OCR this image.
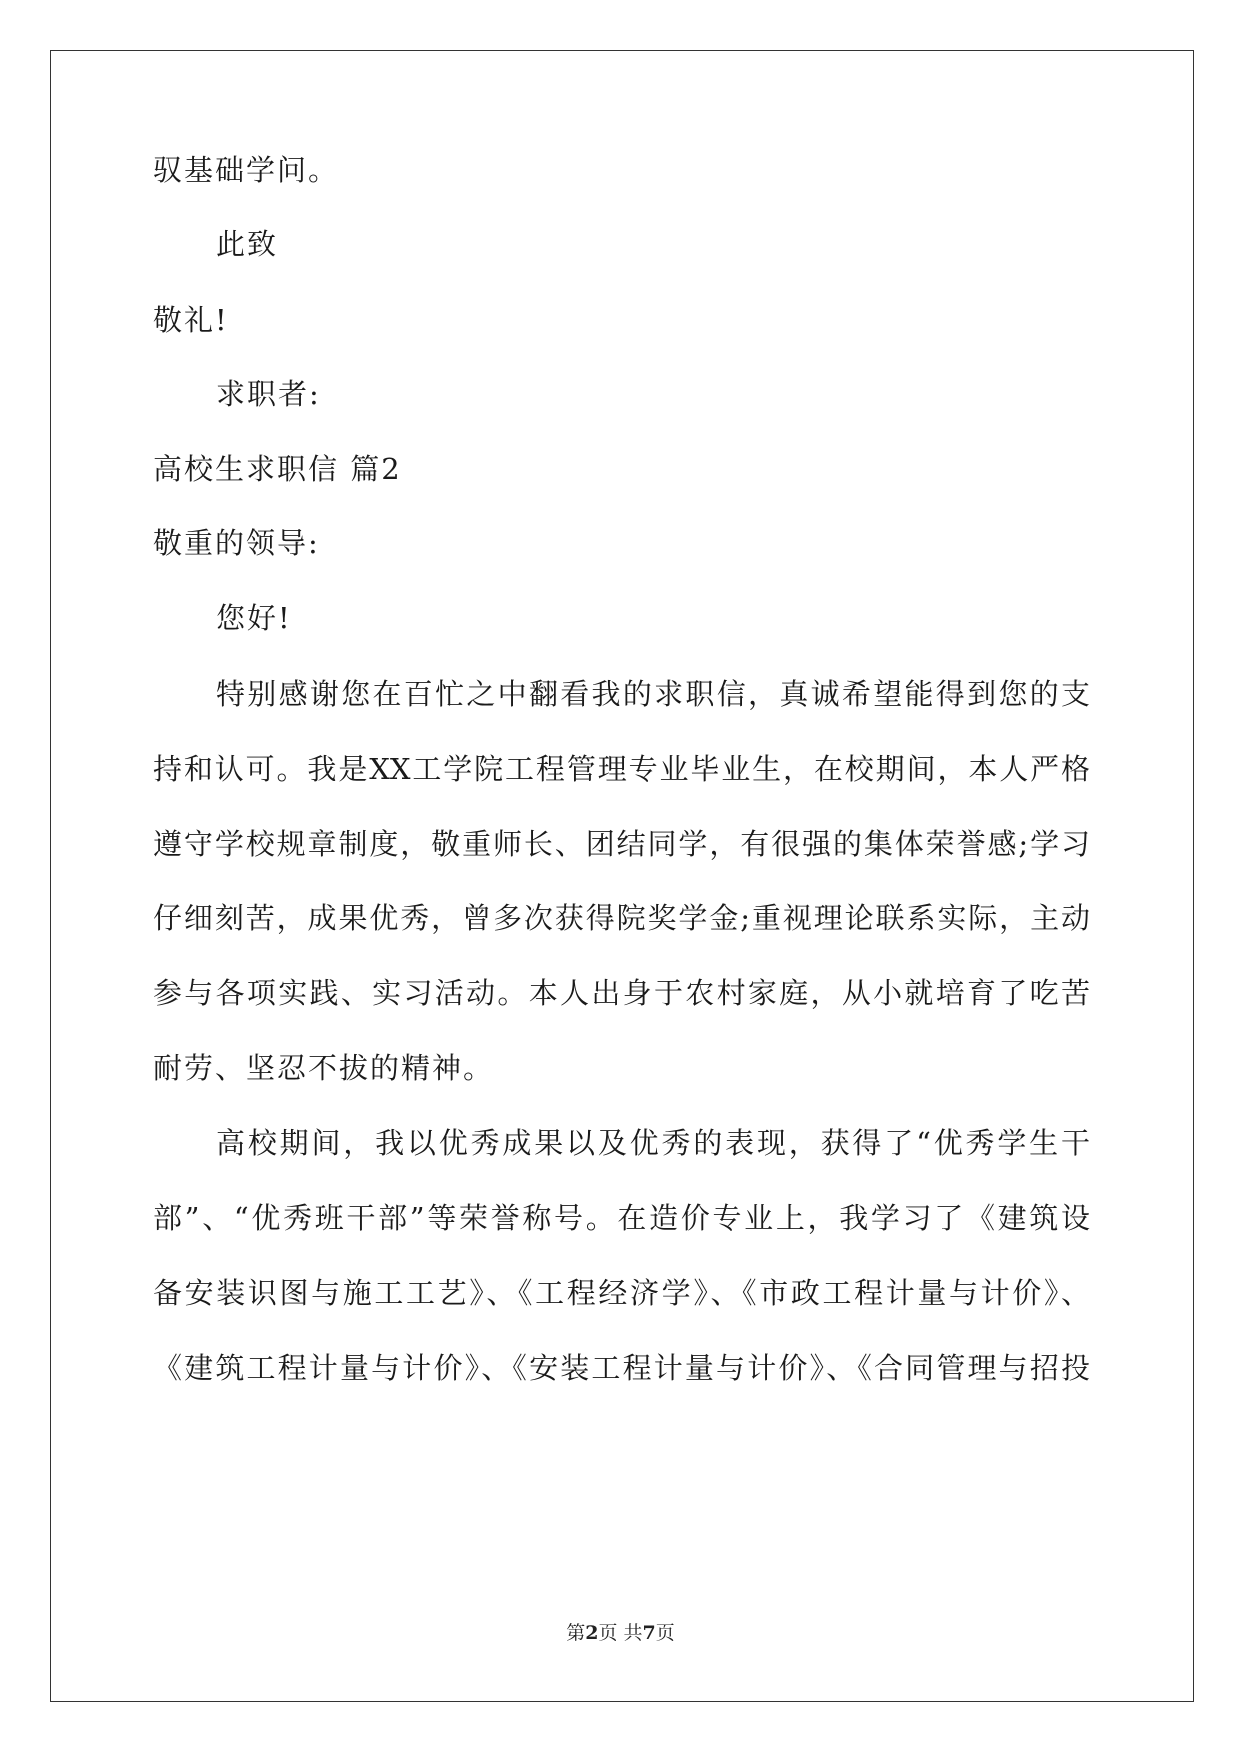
驭基础学问。
此致
敬礼!
求职者:
高校生求职信 篇2
敬重的领导:
您好!
特别感谢您在百忙之中翻看我的求职信，真诚希望能得到您的支
持和认可。我是XX工学院工程管理专业毕业生，在校期间，本人严格
遵守学校规章制度，敬重师长、团结同学，有很强的集体荣誉感;学习
仔细刻苦，成果优秀，曾多次获得院奖学金;重视理论联系实际，主动
参与各项实践、实习活动。本人出身于农村家庭，从小就培育了吃苦
耐劳、坚忍不拔的精神。
高校期间，我以优秀成果以及优秀的表现，获得了“优秀学生干
部”、“优秀班干部”等荣誉称号。在造价专业上，我学习了《建筑设
备安装识图与施工工艺》、《工程经济学》、《市政工程计量与计价》、
《建筑工程计量与计价》、《安装工程计量与计价》、《合同管理与招投
第2页 共7页
